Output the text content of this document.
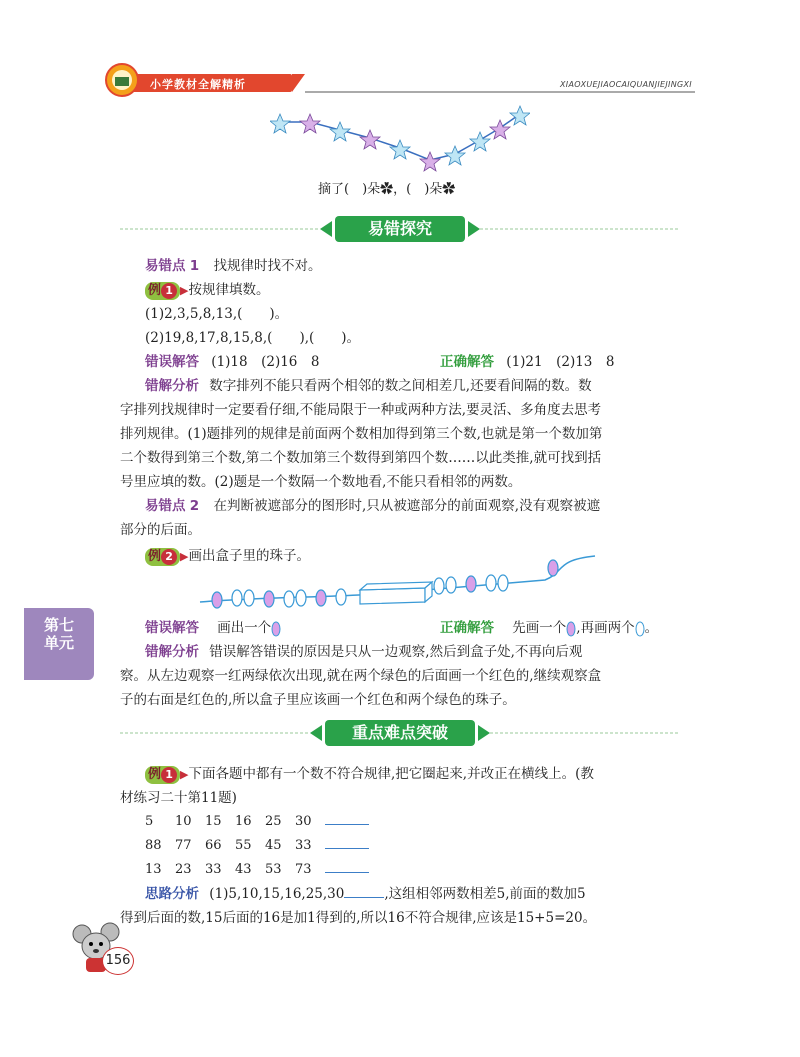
小学教材全解精析	XIAOXUEJIAOCAIQUANJIEJINGXI
摘了(　)朵✿，(　)朵✿
易错探究
易错点 1 找规律时找不对。
例 1 ▶按规律填数。
(1)2,3,5,8,13,(　　)。
(2)19,8,17,8,15,8,(　　),(　　)。
错误解答 (1)18　(2)16　8	正确解答 (1)21　(2)13　8
错解分析 数字排列不能只看两个相邻的数之间相差几,还要看间隔的数。数
字排列找规律时一定要看仔细,不能局限于一种或两种方法,要灵活、多角度去思考
排列规律。(1)题排列的规律是前面两个数相加得到第三个数,也就是第一个数加第
二个数得到第三个数,第二个数加第三个数得到第四个数……以此类推,就可找到括
号里应填的数。(2)题是一个数隔一个数地看,不能只看相邻的两数。
易错点 2 在判断被遮部分的图形时,只从被遮部分的前面观察,没有观察被遮
部分的后面。
例 2 ▶画出盒子里的珠子。
错误解答 画出一个	正确解答 先画一个 ,再画两个 。
错解分析 错误解答错误的原因是只从一边观察,然后到盒子处,不再向后观
察。从左边观察一红两绿依次出现,就在两个绿色的后面画一个红色的,继续观察盒
子的右面是红色的,所以盒子里应该画一个红色和两个绿色的珠子。
重点难点突破
例 1 ▶下面各题中都有一个数不符合规律,把它圈起来,并改正在横线上。(教
材练习二十第11题)
5 10 15 16 25 30
88 77 66 55 45 33
13 23 33 43 53 73
思路分析 (1)5,10,15,16,25,30	,这组相邻两数相差5,前面的数加5
得到后面的数,15后面的16是加1得到的,所以16不符合规律,应该是15+5=20。
第七
单元
156
